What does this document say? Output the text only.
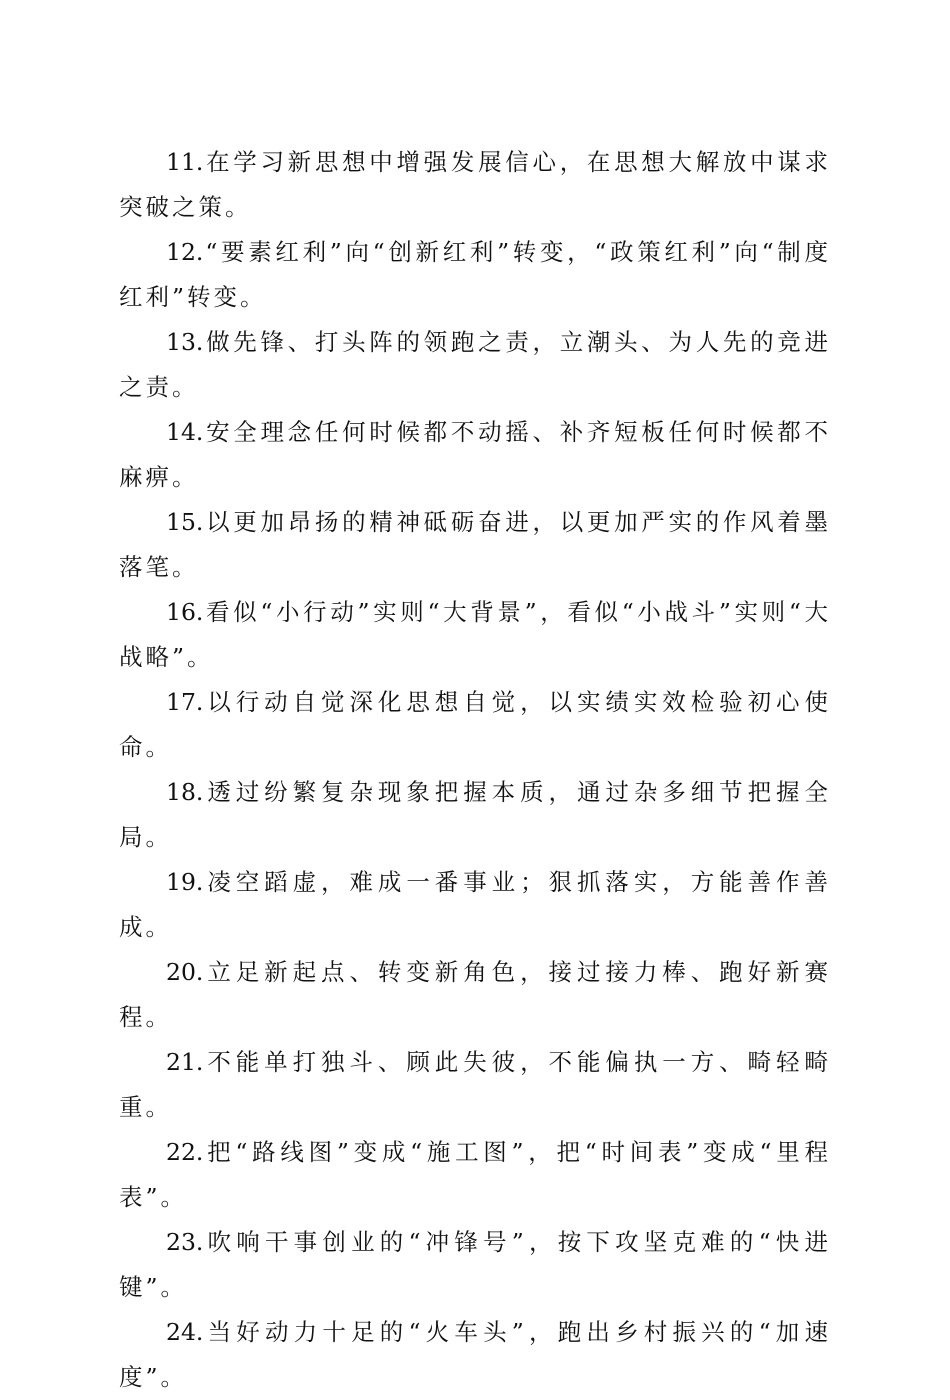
11.在学习新思想中增强发展信心，在思想大解放中谋求突破之策。

12.“要素红利”向“创新红利”转变，“政策红利”向“制度红利”转变。

13.做先锋、打头阵的领跑之责，立潮头、为人先的竞进之责。

14.安全理念任何时候都不动摇、补齐短板任何时候都不麻痹。

15.以更加昂扬的精神砥砺奋进，以更加严实的作风着墨落笔。

16.看似“小行动”实则“大背景”，看似“小战斗”实则“大战略”。

17.以行动自觉深化思想自觉，以实绩实效检验初心使命。

18.透过纷繁复杂现象把握本质，通过杂多细节把握全局。

19.凌空蹈虚，难成一番事业；狠抓落实，方能善作善成。

20.立足新起点、转变新角色，接过接力棒、跑好新赛程。

21.不能单打独斗、顾此失彼，不能偏执一方、畸轻畸重。

22.把“路线图”变成“施工图”，把“时间表”变成“里程表”。

23.吹响干事创业的“冲锋号”，按下攻坚克难的“快进键”。

24.当好动力十足的“火车头”，跑出乡村振兴的“加速度”。
